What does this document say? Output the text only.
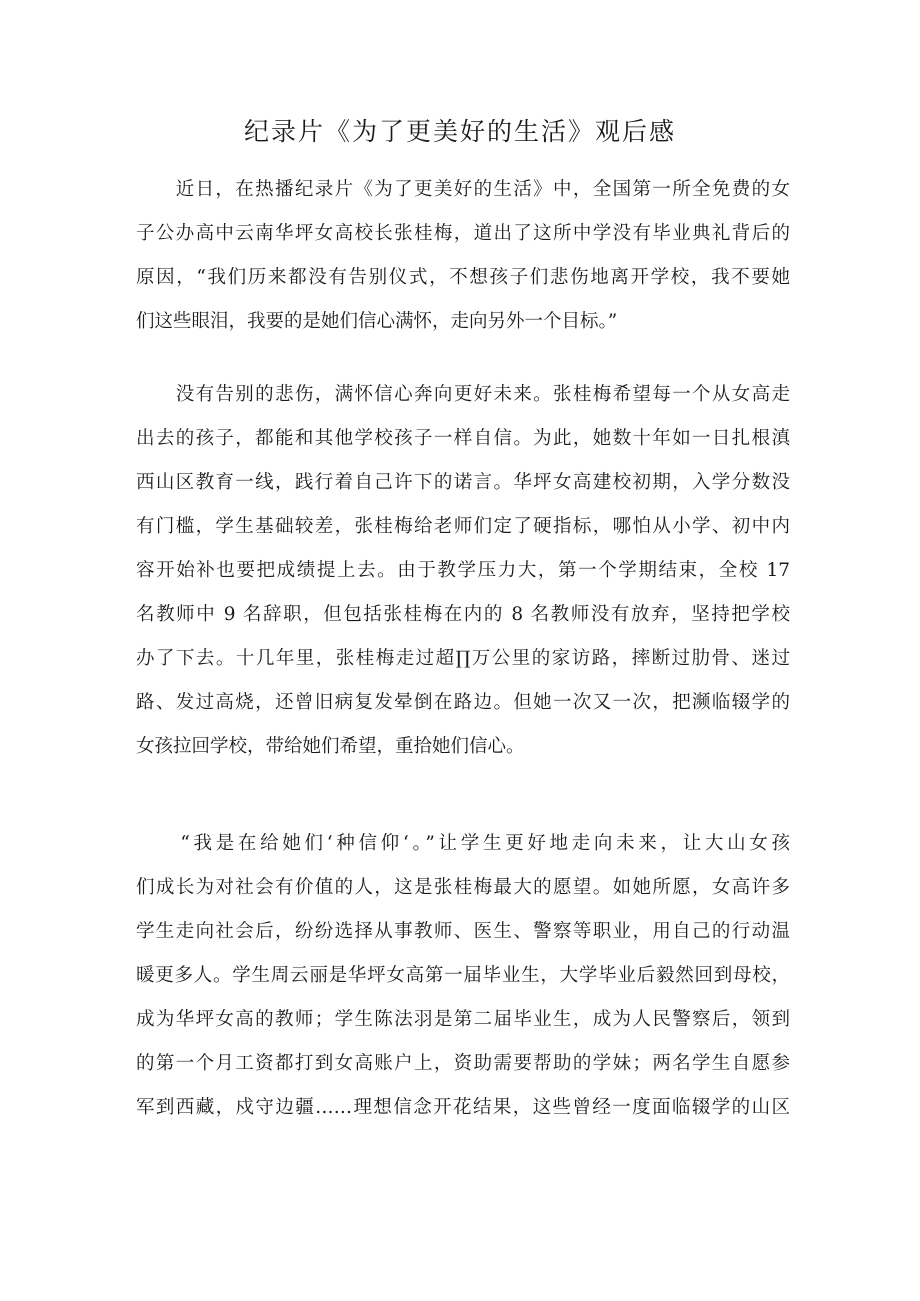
纪录片《为了更美好的生活》观后感
　　近日，在热播纪录片《为了更美好的生活》中，全国第一所全免费的女
子公办高中云南华坪女高校长张桂梅，道出了这所中学没有毕业典礼背后的
原因，“我们历来都没有告别仪式，不想孩子们悲伤地离开学校，我不要她
们这些眼泪，我要的是她们信心满怀，走向另外一个目标。”
　　没有告别的悲伤，满怀信心奔向更好未来。张桂梅希望每一个从女高走
出去的孩子，都能和其他学校孩子一样自信。为此，她数十年如一日扎根滇
西山区教育一线，践行着自己许下的诺言。华坪女高建校初期，入学分数没
有门槛，学生基础较差，张桂梅给老师们定了硬指标，哪怕从小学、初中内
容开始补也要把成绩提上去。由于教学压力大，第一个学期结束，全校 17
名教师中 9 名辞职，但包括张桂梅在内的 8 名教师没有放弃，坚持把学校
办了下去。十几年里，张桂梅走过超∏万公里的家访路，摔断过肋骨、迷过
路、发过高烧，还曾旧病复发晕倒在路边。但她一次又一次，把濒临辍学的
女孩拉回学校，带给她们希望，重拾她们信心。
　　“我是在给她们‘种信仰‘。”让学生更好地走向未来，让大山女孩
们成长为对社会有价值的人，这是张桂梅最大的愿望。如她所愿，女高许多
学生走向社会后，纷纷选择从事教师、医生、警察等职业，用自己的行动温
暖更多人。学生周云丽是华坪女高第一届毕业生，大学毕业后毅然回到母校，
成为华坪女高的教师；学生陈法羽是第二届毕业生，成为人民警察后，领到
的第一个月工资都打到女高账户上，资助需要帮助的学妹；两名学生自愿参
军到西藏，戍守边疆……理想信念开花结果，这些曾经一度面临辍学的山区
